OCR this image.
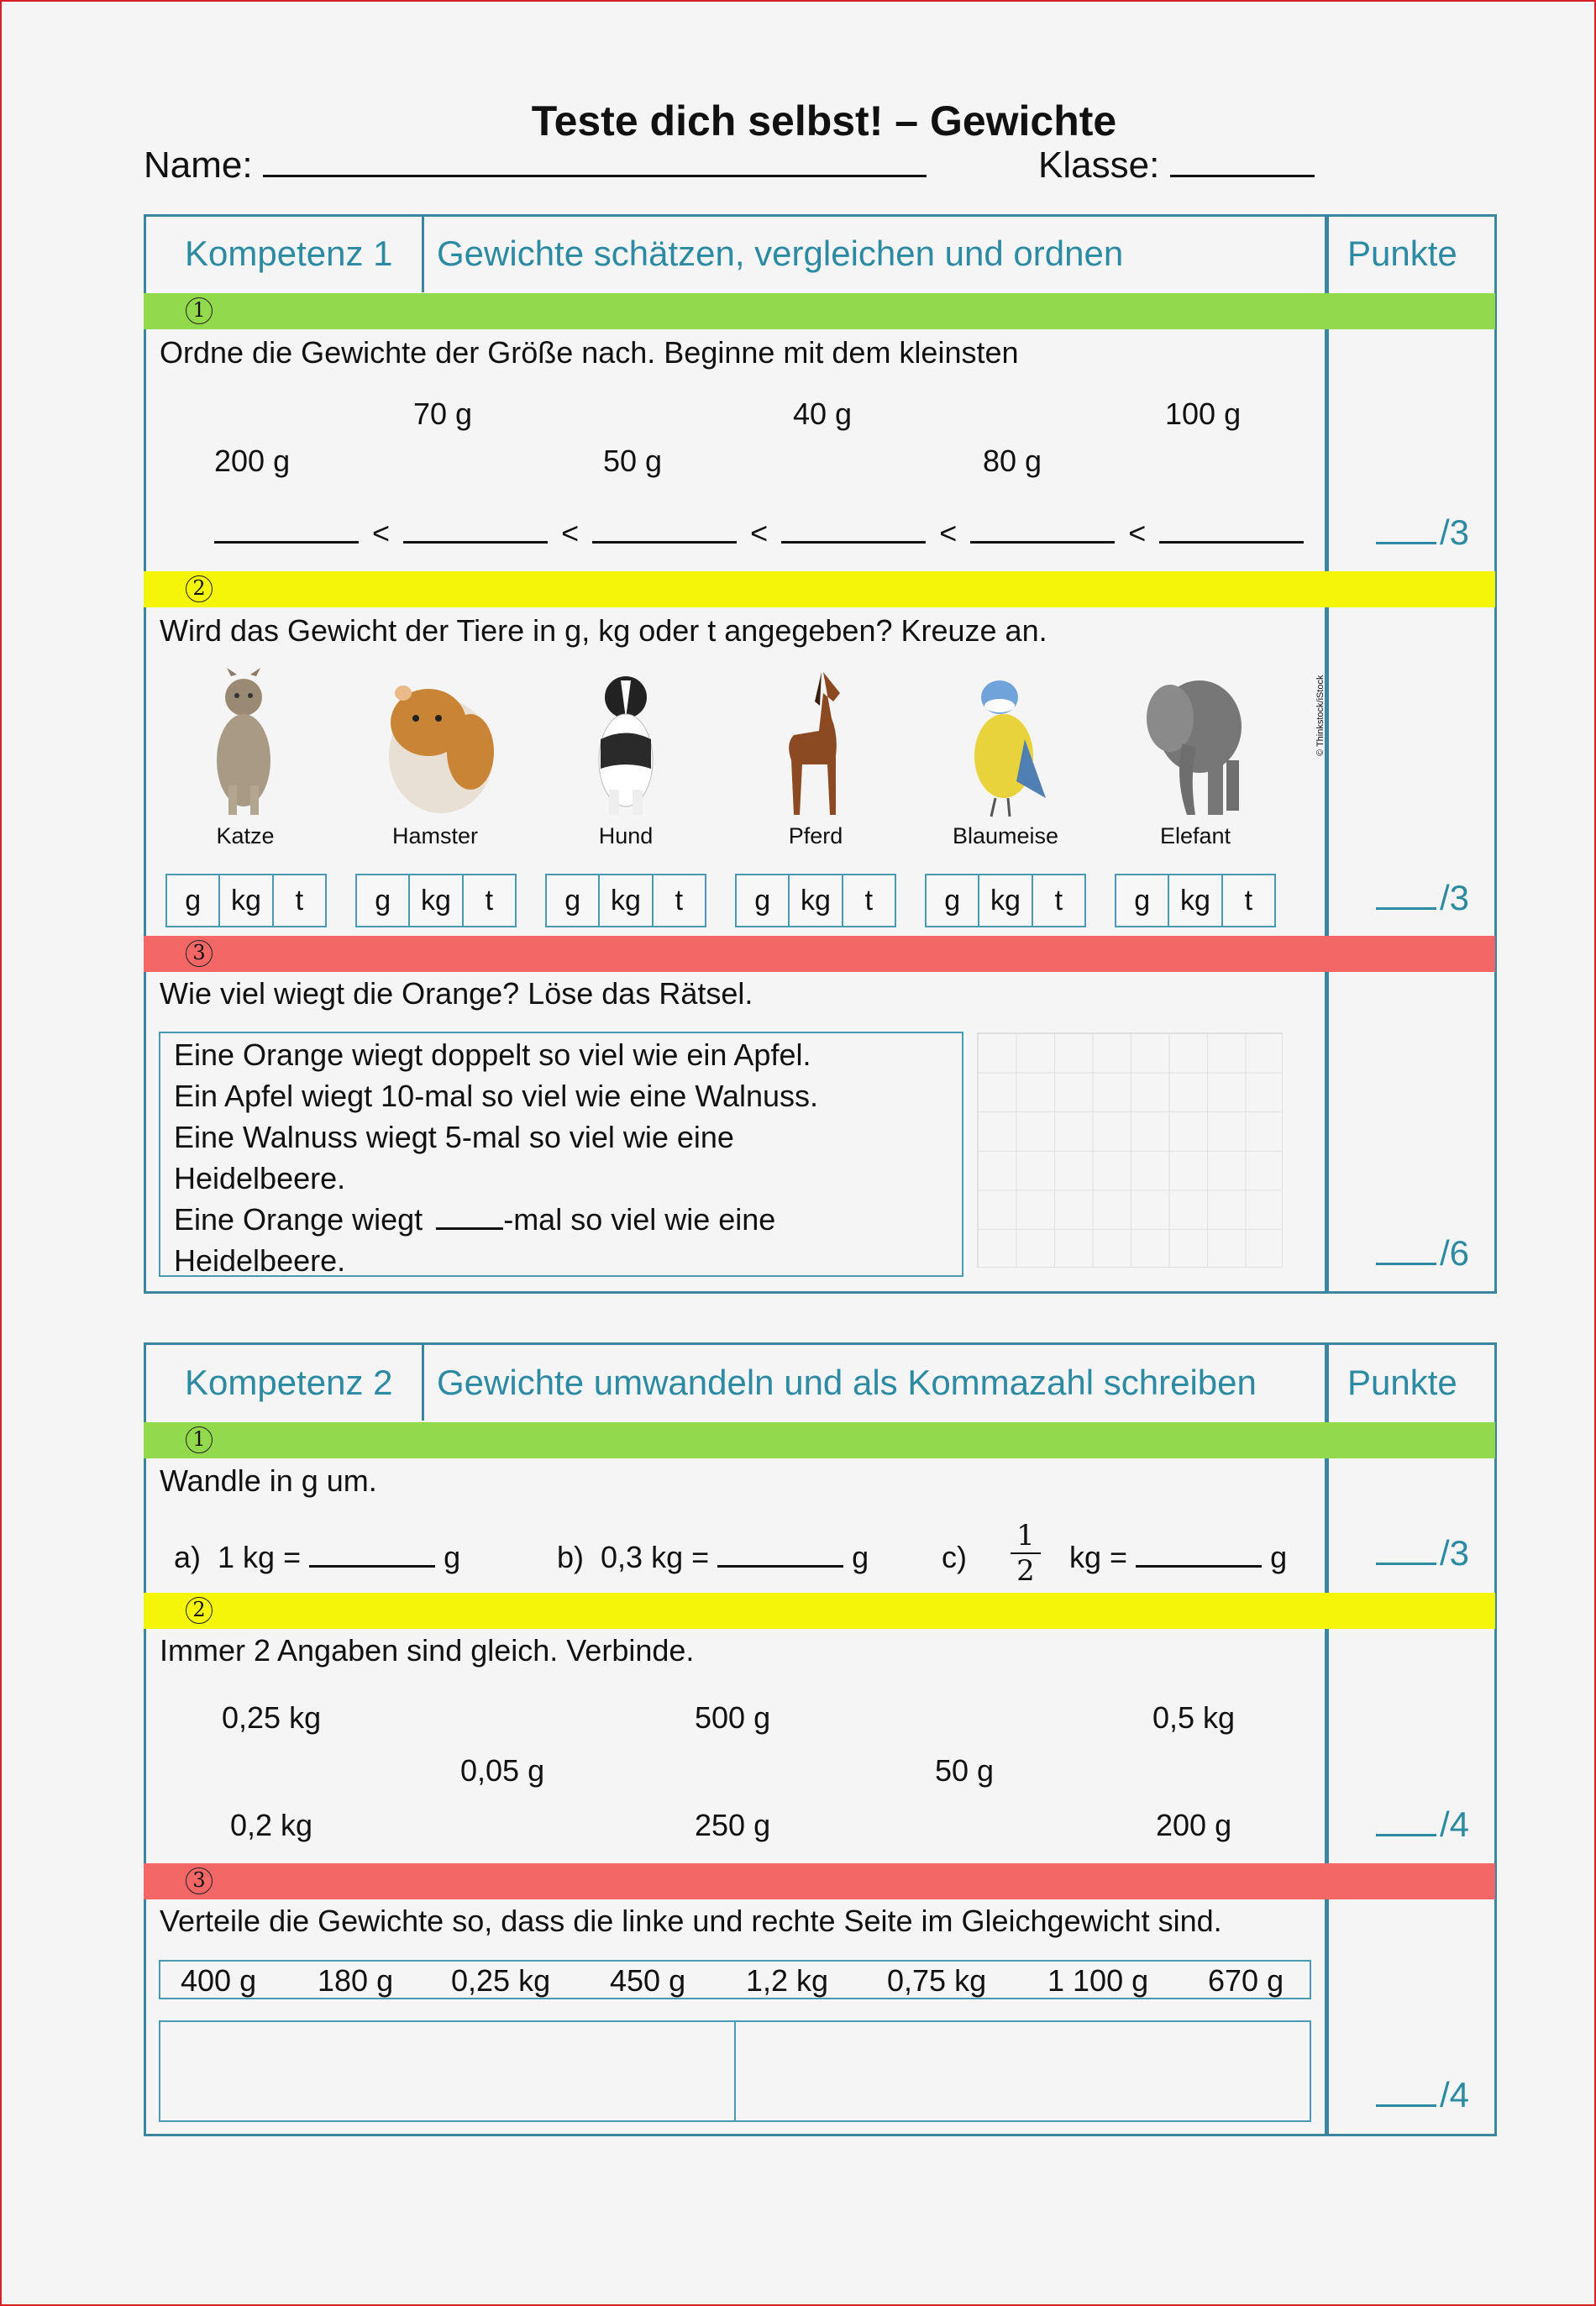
Teste dich selbst! – Gewichte
Name:	Klasse:
Kompetenz 1 Gewichte schätzen, vergleichen und ordnen	Punkte
1
Ordne die Gewichte der Größe nach. Beginne mit dem kleinsten
70 g	40 g	100 g
200 g	50 g	80 g
<	<	<	<	<	/3
2
Wird das Gewicht der Tiere in g, kg oder t angegeben? Kreuze an.
© Thinkstock/iStock
Katze	Hamster	Hund	Pferd	Blaumeise	Elefant
g	kg	t	g	kg	t	g	kg	t	g	kg	t	g	kg	t	g	kg	t	/3
3
Wie viel wiegt die Orange? Löse das Rätsel.
Eine Orange wiegt doppelt so viel wie ein Apfel.
Ein Apfel wiegt 10-mal so viel wie eine Walnuss.
Eine Walnuss wiegt 5-mal so viel wie eine
Heidelbeere.
Eine Orange wiegt	-mal so viel wie eine
Heidelbeere.	/6
Kompetenz 2 Gewichte umwandeln und als Kommazahl schreiben	Punkte
1
Wandle in g um.
a) 1 kg =	g	b) 0,3 kg =	g $c) \frac{1}{2}$ kg =	g	/3
2
Immer 2 Angaben sind gleich. Verbinde.
0,25 kg	500 g	0,5 kg
0,05 g	50 g
0,2 kg	250 g	200 g	/4
3
Verteile die Gewichte so, dass die linke und rechte Seite im Gleichgewicht sind.
400 g 180 g 0,25 kg 450 g 1,2 kg 0,75 kg 1 100 g 670 g
/4
